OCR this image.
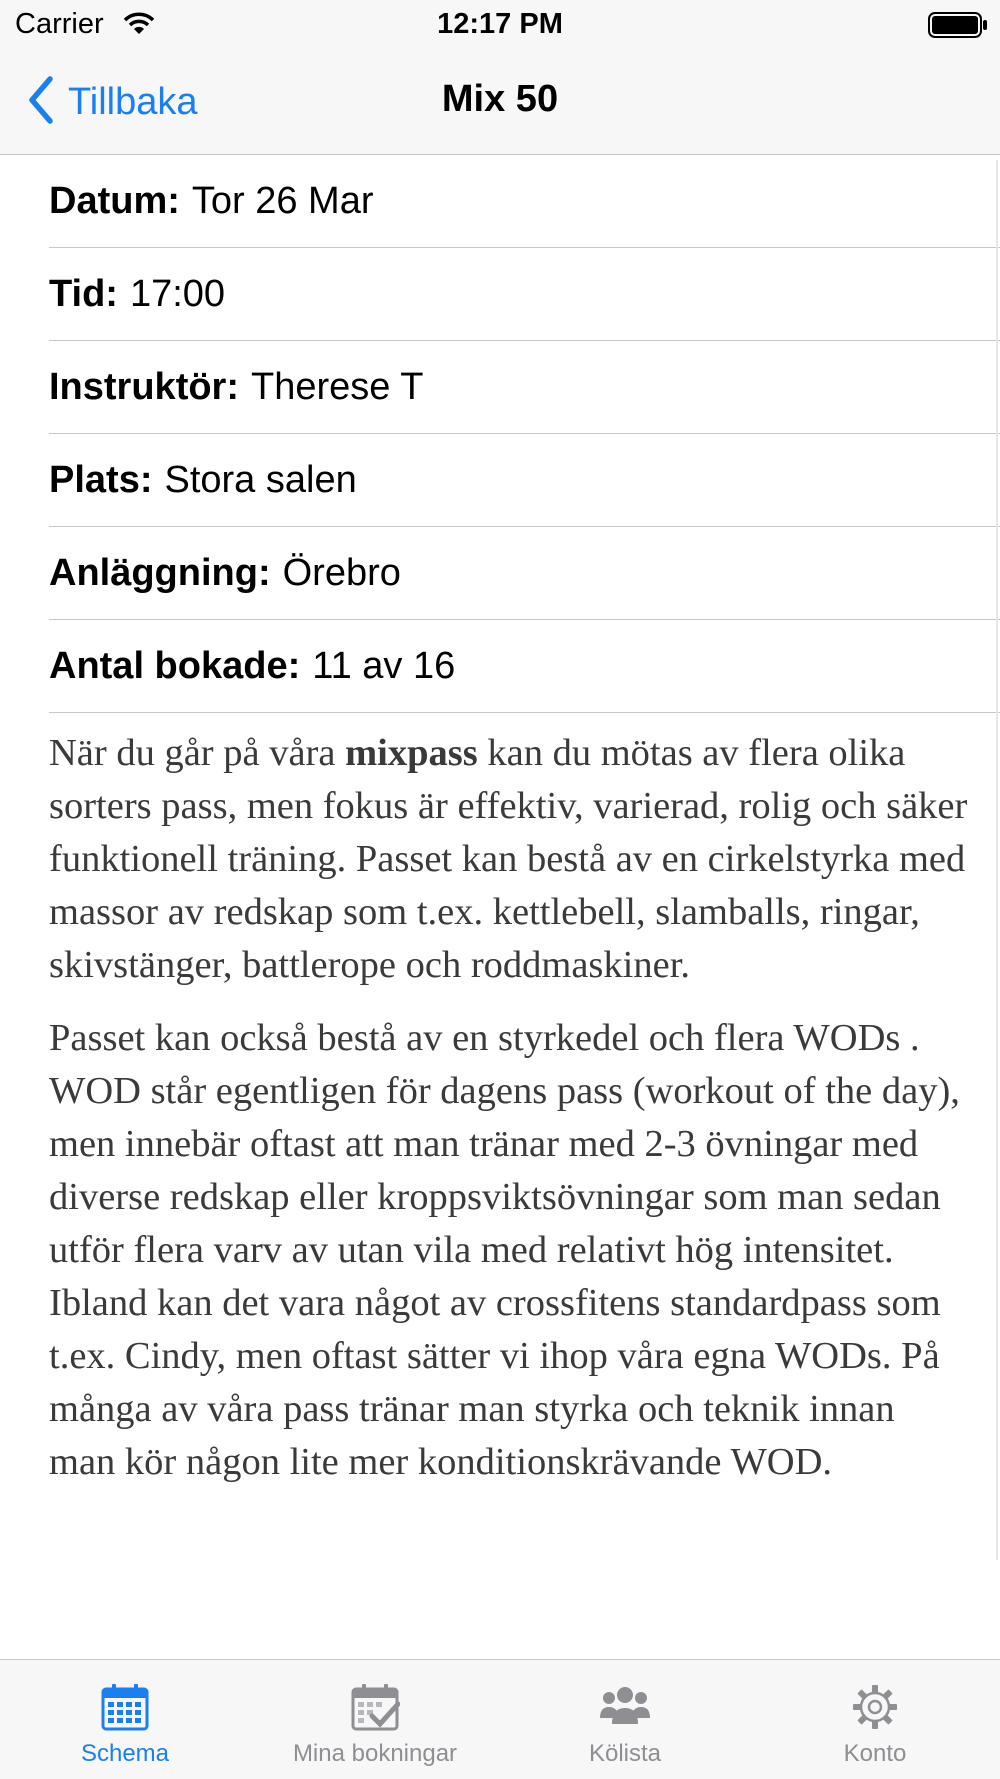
Carrier	12:17 PM
Tillbaka	Mix 50
Datum: Tor 26 Mar
Tid: 17:00
Instruktör: Therese T
Plats: Stora salen
Anläggning: Örebro
Antal bokade: 11 av 16

När du går på våra mixpass kan du mötas av flera olika sorters pass, men fokus är effektiv, varierad, rolig och säker funktionell träning. Passet kan bestå av en cirkelstyrka med massor av redskap som t.ex. kettlebell, slamballs, ringar, skivstänger, battlerope och roddmaskiner.

Passet kan också bestå av en styrkedel och flera WODs . WOD står egentligen för dagens pass (workout of the day), men innebär oftast att man tränar med 2-3 övningar med diverse redskap eller kroppsviktsövningar som man sedan utför flera varv av utan vila med relativt hög intensitet. Ibland kan det vara något av crossfitens standardpass som t.ex. Cindy, men oftast sätter vi ihop våra egna WODs. På många av våra pass tränar man styrka och teknik innan man kör någon lite mer konditionskrävande WOD.

Schema	Mina bokningar	Kölista	Konto
